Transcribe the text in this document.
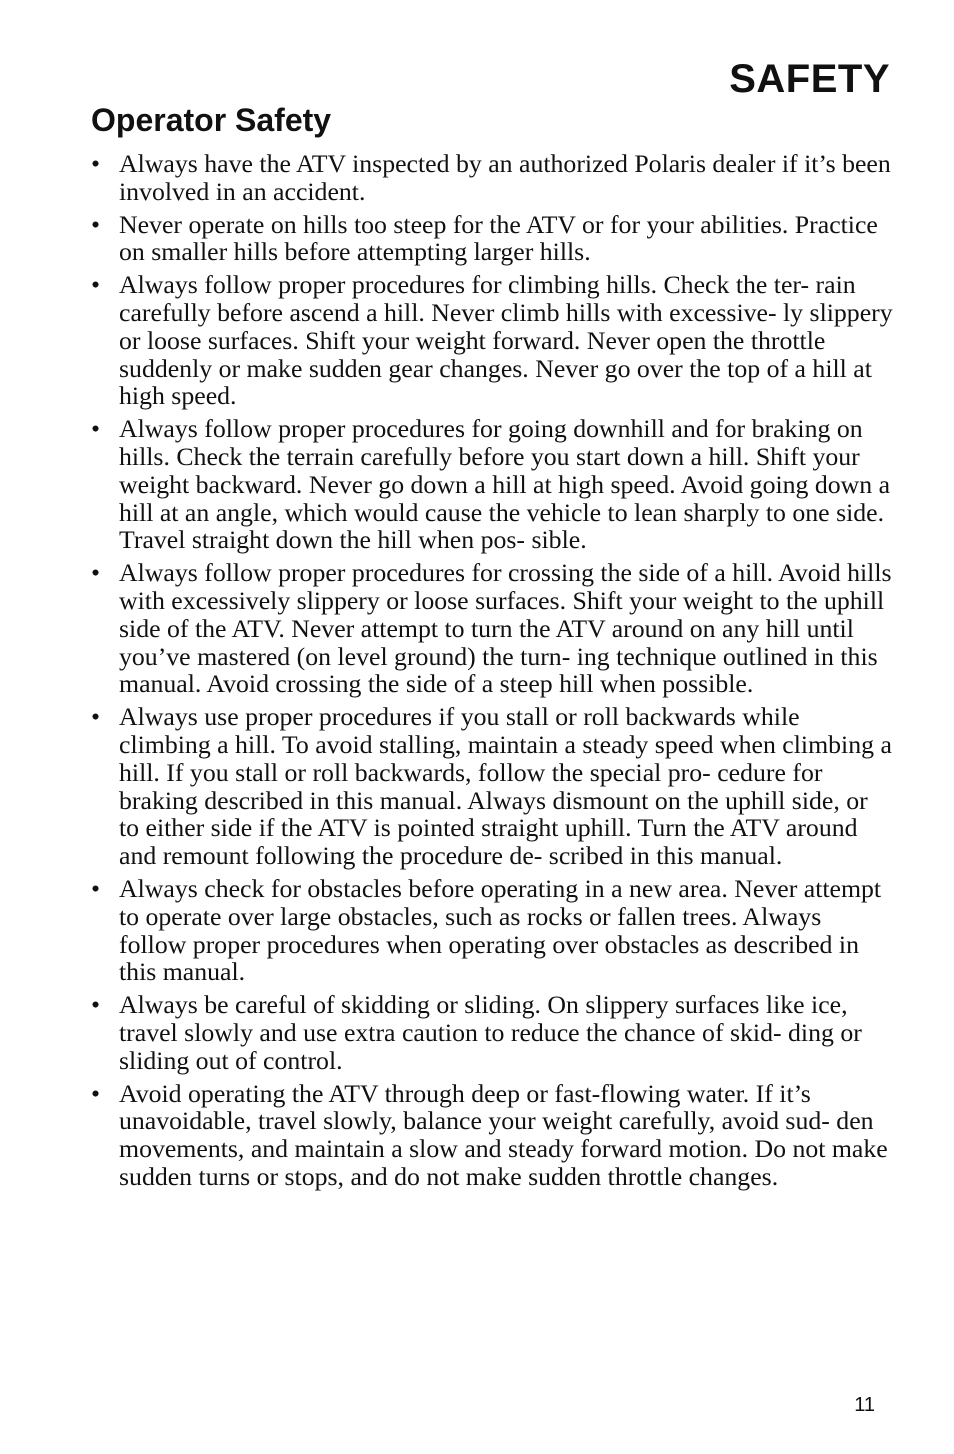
SAFETY
Operator Safety
• Always have the ATV inspected by an authorized Polaris dealer if it’s been involved in an accident.
• Never operate on hills too steep for the ATV or for your abilities. Practice on smaller hills before attempting larger hills.
• Always follow proper procedures for climbing hills. Check the ter- rain carefully before ascend a hill. Never climb hills with excessive- ly slippery or loose surfaces. Shift your weight forward. Never open the throttle suddenly or make sudden gear changes. Never go over the top of a hill at high speed.
• Always follow proper procedures for going downhill and for braking on hills. Check the terrain carefully before you start down a hill. Shift your weight backward. Never go down a hill at high speed. Avoid going down a hill at an angle, which would cause the vehicle to lean sharply to one side. Travel straight down the hill when pos- sible.
• Always follow proper procedures for crossing the side of a hill. Avoid hills with excessively slippery or loose surfaces. Shift your weight to the uphill side of the ATV. Never attempt to turn the ATV around on any hill until you’ve mastered (on level ground) the turn- ing technique outlined in this manual. Avoid crossing the side of a steep hill when possible.
• Always use proper procedures if you stall or roll backwards while climbing a hill. To avoid stalling, maintain a steady speed when climbing a hill. If you stall or roll backwards, follow the special pro- cedure for braking described in this manual. Always dismount on the uphill side, or to either side if the ATV is pointed straight uphill. Turn the ATV around and remount following the procedure de- scribed in this manual.
• Always check for obstacles before operating in a new area. Never attempt to operate over large obstacles, such as rocks or fallen trees. Always follow proper procedures when operating over obstacles as described in this manual.
• Always be careful of skidding or sliding. On slippery surfaces like ice, travel slowly and use extra caution to reduce the chance of skid- ding or sliding out of control.
• Avoid operating the ATV through deep or fast-flowing water. If it’s unavoidable, travel slowly, balance your weight carefully, avoid sud- den movements, and maintain a slow and steady forward motion. Do not make sudden turns or stops, and do not make sudden throttle changes.
11
